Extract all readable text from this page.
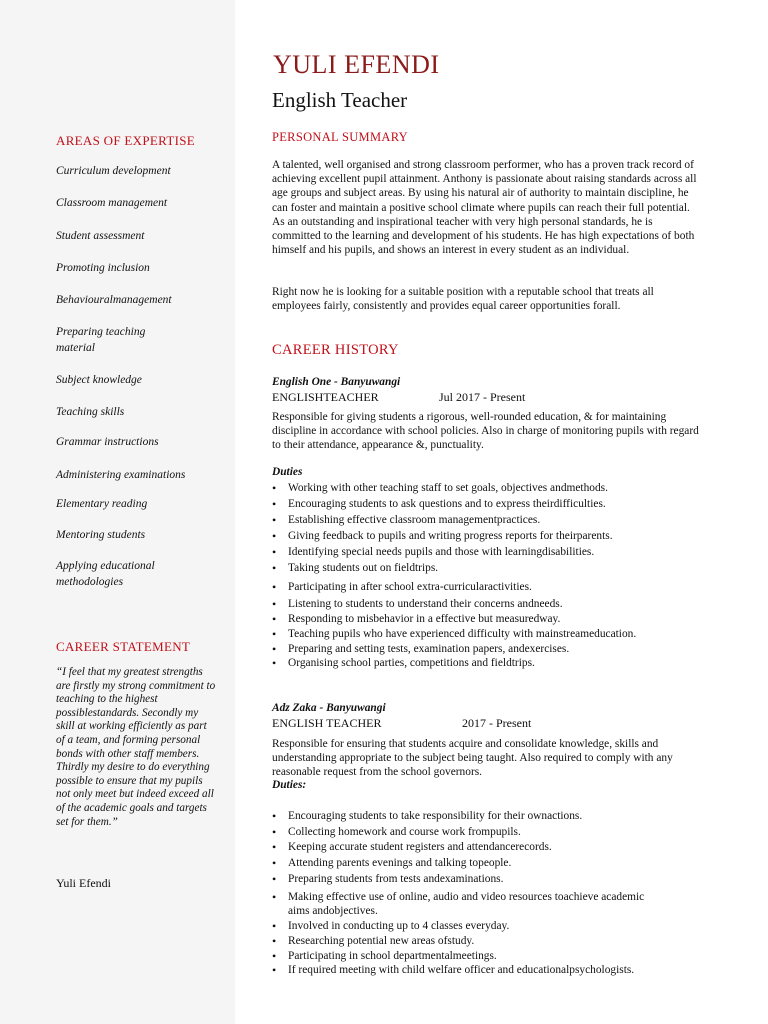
YULI EFENDI
English Teacher
AREAS OF EXPERTISE
Curriculum development
Classroom management
Student assessment
Promoting inclusion
Behaviouralmanagement
Preparing teaching material
Subject knowledge
Teaching skills
Grammar instructions
Administering examinations
Elementary reading
Mentoring students
Applying educational methodologies
CAREER STATEMENT
“I feel that my greatest strengths are firstly my strong commitment to teaching to the highest possiblestandards. Secondly my skill at working efficiently as part of a team, and forming personal bonds with other staff members. Thirdly my desire to do everything possible to ensure that my pupils not only meet but indeed exceed all of the academic goals and targets set for them.”
Yuli Efendi
PERSONAL SUMMARY
A talented, well organised and strong classroom performer, who has a proven track record of achieving excellent pupil attainment. Anthony is passionate about raising standards across all age groups and subject areas. By using his natural air of authority to maintain discipline, he can foster and maintain a positive school climate where pupils can reach their full potential. As an outstanding and inspirational teacher with very high personal standards, he is committed to the learning and development of his students. He has high expectations of both himself and his pupils, and shows an interest in every student as an individual.
Right now he is looking for a suitable position with a reputable school that treats all employees fairly, consistently and provides equal career opportunities forall.
CAREER HISTORY
English One - Banyuwangi
ENGLISHTEACHER	Jul 2017 - Present
Responsible for giving students a rigorous, well-rounded education, & for maintaining discipline in accordance with school policies. Also in charge of monitoring pupils with regard to their attendance, appearance &, punctuality.
Duties
• Working with other teaching staff to set goals, objectives andmethods.
• Encouraging students to ask questions and to express theirdifficulties.
• Establishing effective classroom managementpractices.
• Giving feedback to pupils and writing progress reports for theirparents.
• Identifying special needs pupils and those with learningdisabilities.
• Taking students out on fieldtrips.
• Participating in after school extra-curricularactivities.
• Listening to students to understand their concerns andneeds.
• Responding to misbehavior in a effective but measuredway.
• Teaching pupils who have experienced difficulty with mainstreameducation.
• Preparing and setting tests, examination papers, andexercises.
• Organising school parties, competitions and fieldtrips.
Adz Zaka - Banyuwangi
ENGLISH TEACHER	2017 - Present
Responsible for ensuring that students acquire and consolidate knowledge, skills and understanding appropriate to the subject being taught. Also required to comply with any reasonable request from the school governors.
Duties:
• Encouraging students to take responsibility for their ownactions.
• Collecting homework and course work frompupils.
• Keeping accurate student registers and attendancerecords.
• Attending parents evenings and talking topeople.
• Preparing students from tests andexaminations.
• Making effective use of online, audio and video resources toachieve academic aims andobjectives.
• Involved in conducting up to 4 classes everyday.
• Researching potential new areas ofstudy.
• Participating in school departmentalmeetings.
• If required meeting with child welfare officer and educationalpsychologists.
